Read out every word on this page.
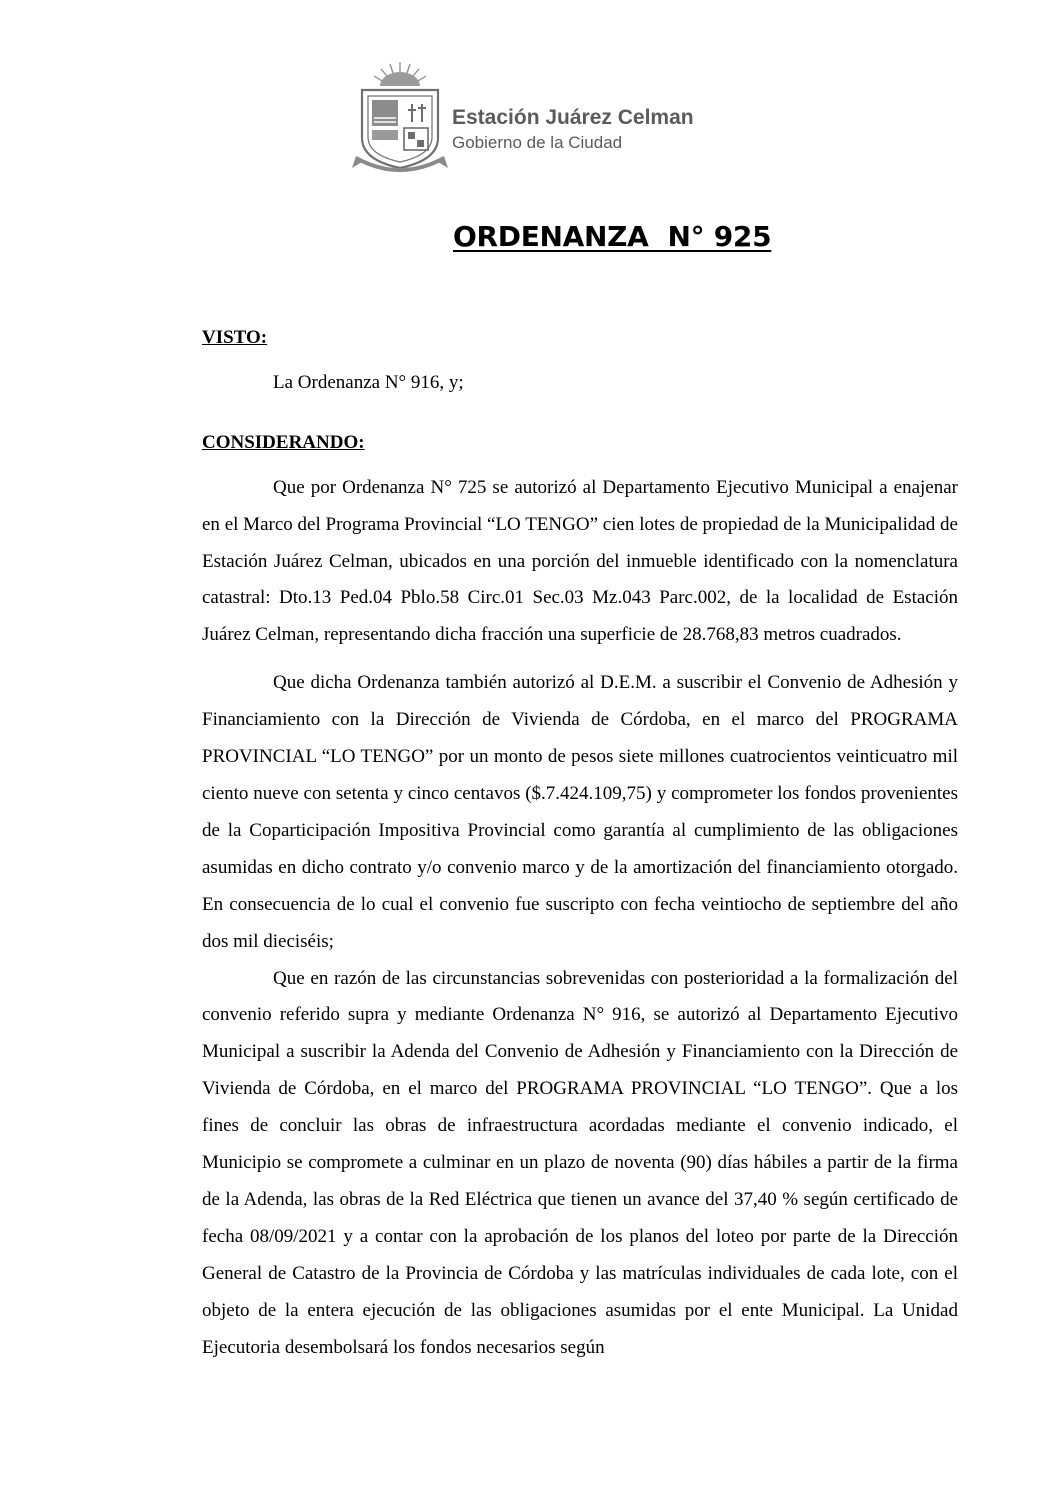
Estación Juárez Celman
Gobierno de la Ciudad
ORDENANZA  N° 925

VISTO:

La Ordenanza N° 916, y;

CONSIDERANDO:

Que por Ordenanza N° 725 se autorizó al Departamento Ejecutivo Municipal a enajenar en el Marco del Programa Provincial “LO TENGO” cien lotes de propiedad de la Municipalidad de Estación Juárez Celman, ubicados en una porción del inmueble identificado con la nomenclatura catastral: Dto.13 Ped.04 Pblo.58 Circ.01 Sec.03 Mz.043 Parc.002, de la localidad de Estación Juárez Celman, representando dicha fracción una superficie de 28.768,83 metros cuadrados.

Que dicha Ordenanza también autorizó al D.E.M. a suscribir el Convenio de Adhesión y Financiamiento con la Dirección de Vivienda de Córdoba, en el marco del PROGRAMA PROVINCIAL “LO TENGO” por un monto de pesos siete millones cuatrocientos veinticuatro mil ciento nueve con setenta y cinco centavos ($.7.424.109,75) y comprometer los fondos provenientes de la Coparticipación Impositiva Provincial como garantía al cumplimiento de las obligaciones asumidas en dicho contrato y/o convenio marco y de la amortización del financiamiento otorgado. En consecuencia de lo cual el convenio fue suscripto con fecha veintiocho de septiembre del año dos mil dieciséis;

Que en razón de las circunstancias sobrevenidas con posterioridad a la formalización del convenio referido supra y mediante Ordenanza N° 916, se autorizó al Departamento Ejecutivo Municipal a suscribir la Adenda del Convenio de Adhesión y Financiamiento con la Dirección de Vivienda de Córdoba, en el marco del PROGRAMA PROVINCIAL “LO TENGO”. Que a los fines de concluir las obras de infraestructura acordadas mediante el convenio indicado, el Municipio se compromete a culminar en un plazo de noventa (90) días hábiles a partir de la firma de la Adenda, las obras de la Red Eléctrica que tienen un avance del 37,40 % según certificado de fecha 08/09/2021 y a contar con la aprobación de los planos del loteo por parte de la Dirección General de Catastro de la Provincia de Córdoba y las matrículas individuales de cada lote, con el objeto de la entera ejecución de las obligaciones asumidas por el ente Municipal. La Unidad Ejecutoria desembolsará los fondos necesarios según
